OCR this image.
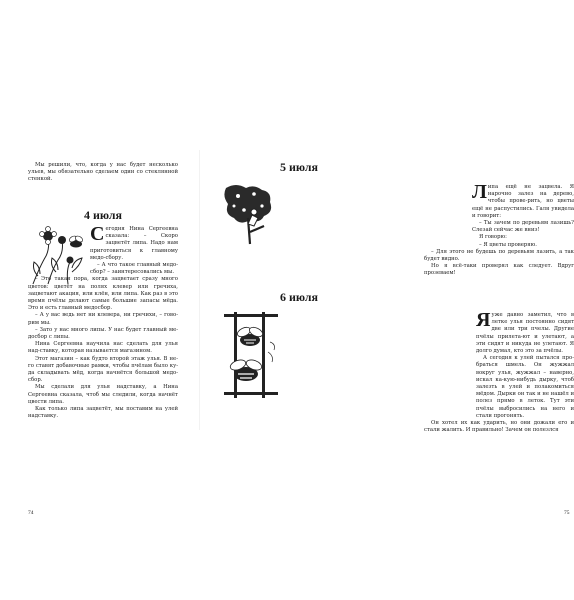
Мы решили, что, когда у нас будет несколько ульев, мы обязательно сделаем один со стеклянной стенкой.

4 июля

Сегодня Нина Сергеевна сказала: – Скоро зацветёт липа. Надо нам приготовиться к главному медо-сбору.

– А что такое главный медо-сбор? – заинтересовались мы.

– Это такая пора, когда зацветает сразу много цветов: цветёт на полях клевер или гречиха, зацветают акация, или клён, или липа. Как раз в это время пчёлы делают самые большие запасы мёда. Это и есть главный медосбор.

– А у вас ведь нет ни клевера, ни гречихи, – гово-рим мы.

– Зато у нас много липы. У нас будет главный ме-досбор с липы.

Нина Сергеевна научила нас сделать для улья над-ставку, которая называется магазином.

Этот магазин – как будто второй этаж улья. В не-го ставят добавочные рамки, чтобы пчёлам было ку-да складывать мёд, когда начнётся большой медо-сбор.

Мы сделали для улья надставку, а Нина Сергеевна сказала, чтоб мы следили, когда начнёт цвести липа.

Как только липа зацветёт, мы поставим на улей надставку.

74
5 июля

Липа ещё не зацвела. Я нарочно залез на дерево, чтобы прове-рить, но цветы ещё не распустились. Галя увидела и говорит:

– Ты зачем по деревьям лазишь? Слезай сейчас же вниз!

Я говорю:

– Я цветы проверяю.

– Для этого не будешь по деревьям лазить, а так будет видно.

Но я всё-таки проверял как следует. Вдруг прозеваем!

6 июля

Яуже давно заметил, что в летке улья постоянно сидят две или три пчелы. Другие пчёлы прилета-ют и улетают, а эти сидят и никуда не улетают. Я долго думал, кто это за пчёлы.

А сегодня к улей пытался про-браться шмель. Он жужжал вокруг улья, жужжал – наверно, искал ка-кую-нибудь дырку, чтоб залезть в улей и полакомиться мёдом. Дырки он так и не нашёл и полез прямо в леток. Тут эти пчёлы выбросились на него и стали прогонять.

Он хотел их как ударить, но они дожали его и стали жалить. И правильно! Зачем он полезлся

75
